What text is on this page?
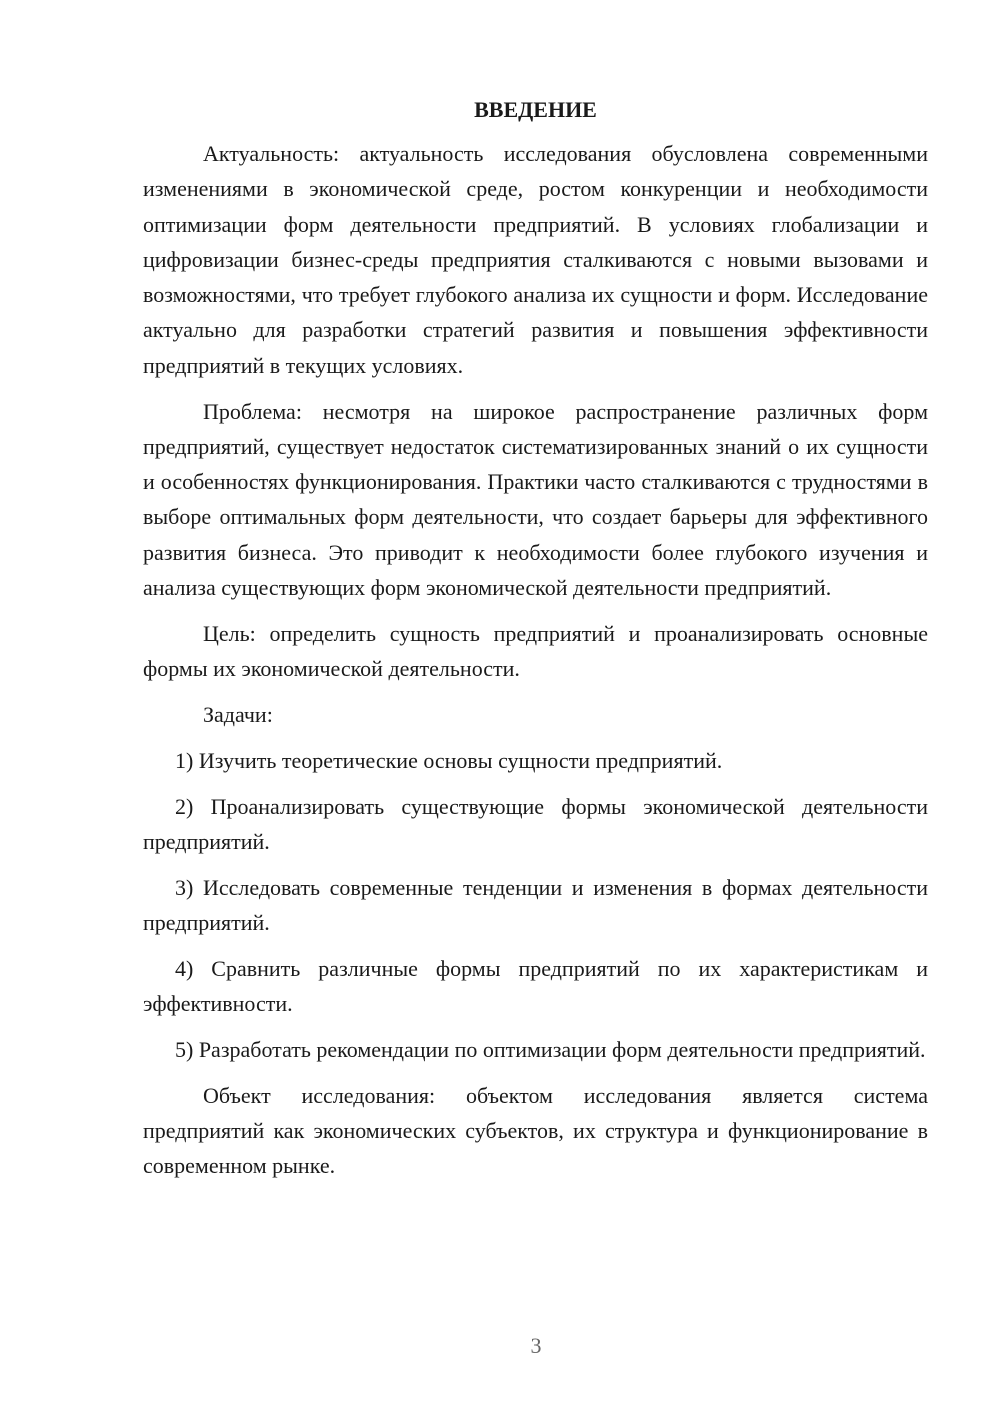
ВВЕДЕНИЕ

Актуальность: актуальность исследования обусловлена современными изменениями в экономической среде, ростом конкуренции и необходимости оптимизации форм деятельности предприятий. В условиях глобализации и цифровизации бизнес-среды предприятия сталкиваются с новыми вызовами и возможностями, что требует глубокого анализа их сущности и форм. Исследование актуально для разработки стратегий развития и повышения эффективности предприятий в текущих условиях.

Проблема: несмотря на широкое распространение различных форм предприятий, существует недостаток систематизированных знаний о их сущности и особенностях функционирования. Практики часто сталкиваются с трудностями в выборе оптимальных форм деятельности, что создает барьеры для эффективного развития бизнеса. Это приводит к необходимости более глубокого изучения и анализа существующих форм экономической деятельности предприятий.

Цель: определить сущность предприятий и проанализировать основные формы их экономической деятельности.

Задачи:

1) Изучить теоретические основы сущности предприятий.

2) Проанализировать существующие формы экономической деятельности предприятий.

3) Исследовать современные тенденции и изменения в формах деятельности предприятий.

4) Сравнить различные формы предприятий по их характеристикам и эффективности.

5) Разработать рекомендации по оптимизации форм деятельности предприятий.

Объект исследования: объектом исследования является система предприятий как экономических субъектов, их структура и функционирование в современном рынке.

3
